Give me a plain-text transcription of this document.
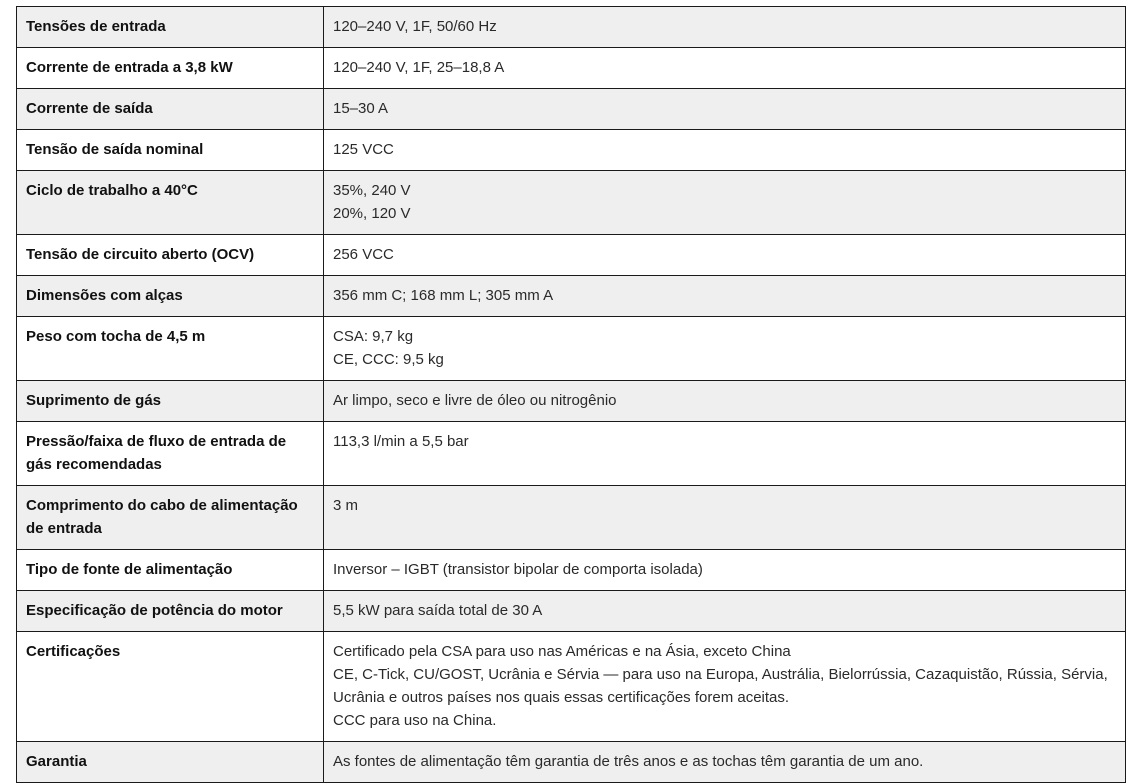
Tensões de entrada	120–240 V, 1F, 50/60 Hz

Corrente de entrada a 3,8 kW	120–240 V, 1F, 25–18,8 A

Corrente de saída	15–30 A

Tensão de saída nominal	125 VCC

Ciclo de trabalho a 40°C	35%, 240 V
20%, 120 V

Tensão de circuito aberto (OCV)	256 VCC

Dimensões com alças	356 mm C; 168 mm L; 305 mm A

Peso com tocha de 4,5 m	CSA: 9,7 kg
CE, CCC: 9,5 kg

Suprimento de gás	Ar limpo, seco e livre de óleo ou nitrogênio

Pressão/faixa de fluxo de entrada de gás recomendadas	113,3 l/min a 5,5 bar

Comprimento do cabo de alimentação de entrada	3 m

Tipo de fonte de alimentação	Inversor – IGBT (transistor bipolar de comporta isolada)

Especificação de potência do motor	5,5 kW para saída total de 30 A

Certificações	Certificado pela CSA para uso nas Américas e na Ásia, exceto China
CE, C-Tick, CU/GOST, Ucrânia e Sérvia — para uso na Europa, Austrália, Bielorrússia, Cazaquistão, Rússia, Sérvia, Ucrânia e outros países nos quais essas certificações forem aceitas.
CCC para uso na China.

Garantia	As fontes de alimentação têm garantia de três anos e as tochas têm garantia de um ano.
